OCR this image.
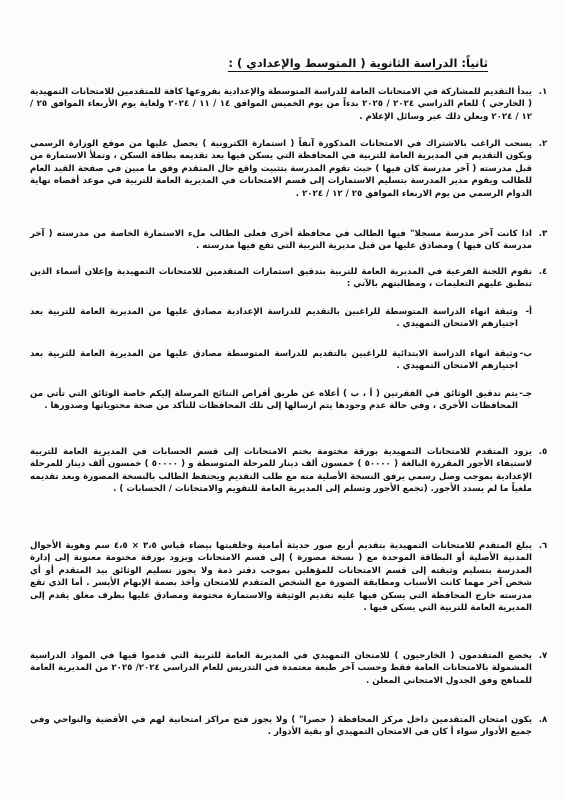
ثانياً: الدراسة الثانوية ( المتوسط والإعدادي ) :
١.
يبدأ التقديم للمشاركة في الامتحانات العامة للدراسة المتوسطة والإعدادية بفروعها كافة للمتقدمين للامتحانات التمهيدية ( الخارجي ) للعام الدراسي ٢٠٢٤ / ٢٠٢٥ بدءاً من يوم الخميس الموافق ١٤ / ١١ / ٢٠٢٤ ولغاية يوم الأربعاء الموافق ٢٥ / ١٢ / ٢٠٢٤ ويعلن ذلك عبر وسائل الإعلام .
٢.
يسحب الراغب بالاشتراك في الامتحانات المذكورة آنفاً ( استمارة الكترونية ) يحصل عليها من موقع الوزارة الرسمي ويكون التقديم في المديرية العامة للتربية في المحافظة التي يسكن فيها بعد تقديمه بطاقة السكن ، وتملأ الاستمارة من قبل مدرسته ( آخر مدرسة كان فيها ) حيث تقوم المدرسة بتثبيت واقع حال المتقدم وفق ما مبين في صفحة القيد العام للطالب ويقوم مدير المدرسة بتسليم الاستمارات إلى قسم الامتحانات في المديرية العامة للتربية في موعد أقصاه نهاية الدوام الرسمي من يوم الاربعاء الموافق ٢٥ / ١٢ / ٢٠٢٤ .
٣.
اذا كانت آخر مدرسة مسجلا" فيها الطالب في محافظة أخرى فعلى الطالب ملء الاستمارة الخاصة من مدرسته ( آخر مدرسة كان فيها ) ومصادق عليها من قبل مديرية التربية التي تقع فيها مدرسته .
٤.
تقوم اللجنة الفرعية في المديرية العامة للتربية بتدقيق استمارات المتقدمين للامتحانات التمهيدية وإعلان أسماء الذين تنطبق عليهم التعليمات ، ومطالبتهم بالآتي :
أ-
وثيقة انهاء الدراسة المتوسطة للراغبين بالتقديم للدراسة الإعدادية مصادق عليها من المديرية العامة للتربية بعد اجتيازهم الامتحان التمهيدي .
ب-
وثيقة انهاء الدراسة الابتدائية للراغبين بالتقديم للدراسة المتوسطة مصادق عليها من المديرية العامة للتربية بعد اجتيازهم الامتحان التمهيدي .
جـ-
يتم تدقيق الوثائق في الفقرتين ( أ ، ب ) أعلاه عن طريق أقراص النتائج المرسلة إليكم خاصة الوثائق التي تأتي من المحافظات الأخرى ، وفي حالة عدم وجودها يتم ارسالها إلى تلك المحافظات للتأكد من صحة محتوياتها وصدورها .
٥.
يزود المتقدم للامتحانات التمهيدية بورقة مختومة بختم الامتحانات إلى قسم الحسابات في المديرية العامة للتربية لاستيفاء الأجور المقررة البالغة ( ٥٠٠٠٠ ) خمسون ألف دينار للمرحلة المتوسطة و ( ٥٠٠٠٠ ) خمسون ألف دينار للمرحلة الإعدادية بموجب وصل رسمي يرفق النسخة الأصلية منه مع طلب التقديم ويحتفظ الطالب بالنسخة المصورة وبعد تقديمه ملغياً ما لم يسدد الأجور. (تجمع الأجور وتسلم إلى المديرية العامة للتقويم والامتحانات / الحسابات ) .
٦.
يبلغ المتقدم للامتحانات التمهيدية بتقديم أربع صور حديثة أمامية وخلفيتها بيضاء قياس ٣،٥ × ٤،٥ سم وهوية الأحوال المدنية الأصلية أو البطاقة الموحدة مع ( نسخة مصورة ) إلى قسم الامتحانات ويزود بورقة مختومة معنونة إلى إدارة المدرسة بتسليم وثيقته إلى قسم الامتحانات للمؤهلين بموجب دفتر ذمة ولا يجوز تسليم الوثائق بيد المتقدم أو أي شخص آخر مهما كانت الأسباب ومطابقة الصورة مع الشخص المتقدم للامتحان وأخذ بصمة الإبهام الأيسر . أما الذي تقع مدرسته خارج المحافظة التي يسكن فيها عليه تقديم الوثيقة والاستمارة مختومة ومصادق عليها بظرف مغلق يقدم إلى المديرية العامة للتربية التي يسكن فيها .
٧.
يخضع المتقدمون ( الخارجيون ) للامتحان التمهيدي في المديرية العامة للتربية التي قدموا فيها في المواد الدراسية المشمولة بالامتحانات العامة فقط وحسب آخر طبعة معتمدة في التدريس للعام الدراسي ٢٠٢٤/ ٢٠٢٥ من المديرية العامة للمناهج وفق الجدول الامتحاني المعلن .
٨.
يكون امتحان المتقدمين داخل مركز المحافظة ( حصرا" ) ولا يجوز فتح مراكز امتحانية لهم في الأقضية والنواحي وفي جميع الأدوار سواء أ كان في الامتحان التمهيدي أو بقية الأدوار .
